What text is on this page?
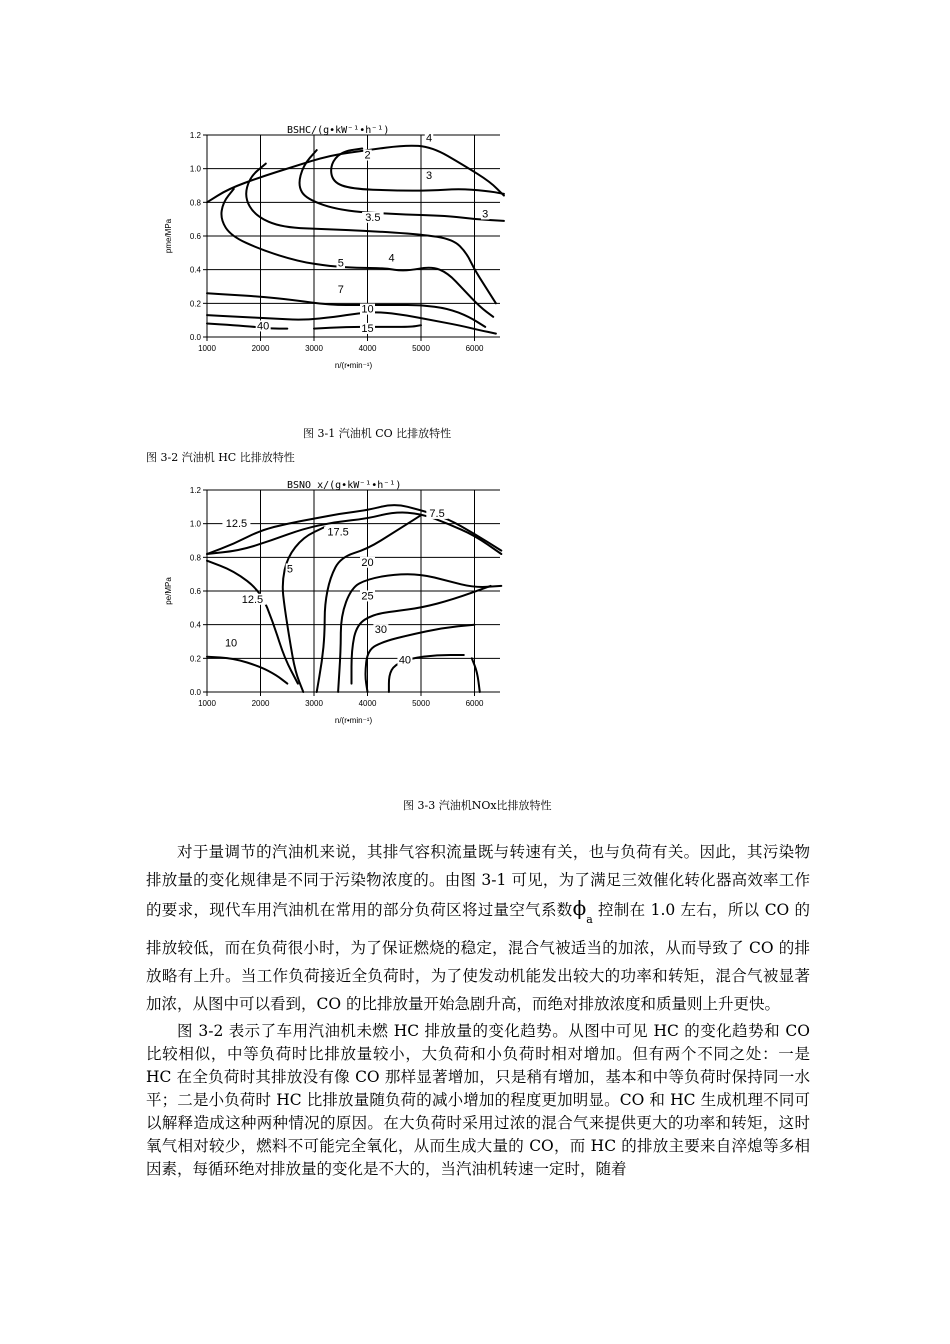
0.0
0.2
0.4
0.6
0.8
1.0
1.2
1000	2000	3000	4000	5000	6000
n/(r•min⁻¹)
pme/MPa
BSHC/(g•kW⁻¹•h⁻¹)
4
2
3
3
3.5
5	4
7
10
40	15
图 3-1 汽油机 CO 比排放特性
图 3-2 汽油机 HC 比排放特性
0.0
0.2
0.4
0.6
0.8
1.0
1.2
1000	2000	3000	4000	5000	6000
n/(r•min⁻¹)
pe/MPa
BSNO x/(g•kW⁻¹•h⁻¹)
12.5
7.5
17.5
5
20
12.5	25
10
30
40
图 3-3 汽油机NOx比排放特性

对于量调节的汽油机来说，其排气容积流量既与转速有关，也与负荷有关。因此，其污染物排放量的变化规律是不同于污染物浓度的。由图 3-1 可见，为了满足三效催化转化器高效率工作的要求，现代车用汽油机在常用的部分负荷区将过量空气系数$\phi_a$ 控制在 1.0 左右，所以 CO 的排放较低，而在负荷很小时，为了保证燃烧的稳定，混合气被适当的加浓，从而导致了 CO 的排放略有上升。当工作负荷接近全负荷时，为了使发动机能发出较大的功率和转矩，混合气被显著加浓，从图中可以看到，CO 的比排放量开始急剧升高，而绝对排放浓度和质量则上升更快。

图 3-2 表示了车用汽油机未燃 HC 排放量的变化趋势。从图中可见 HC 的变化趋势和 CO 比较相似，中等负荷时比排放量较小，大负荷和小负荷时相对增加。但有两个不同之处：一是 HC 在全负荷时其排放没有像 CO 那样显著增加，只是稍有增加，基本和中等负荷时保持同一水平；二是小负荷时 HC 比排放量随负荷的减小增加的程度更加明显。CO 和 HC 生成机理不同可以解释造成这种两种情况的原因。在大负荷时采用过浓的混合气来提供更大的功率和转矩，这时氧气相对较少，燃料不可能完全氧化，从而生成大量的 CO，而 HC 的排放主要来自淬熄等多相因素，每循环绝对排放量的变化是不大的，当汽油机转速一定时，随着
